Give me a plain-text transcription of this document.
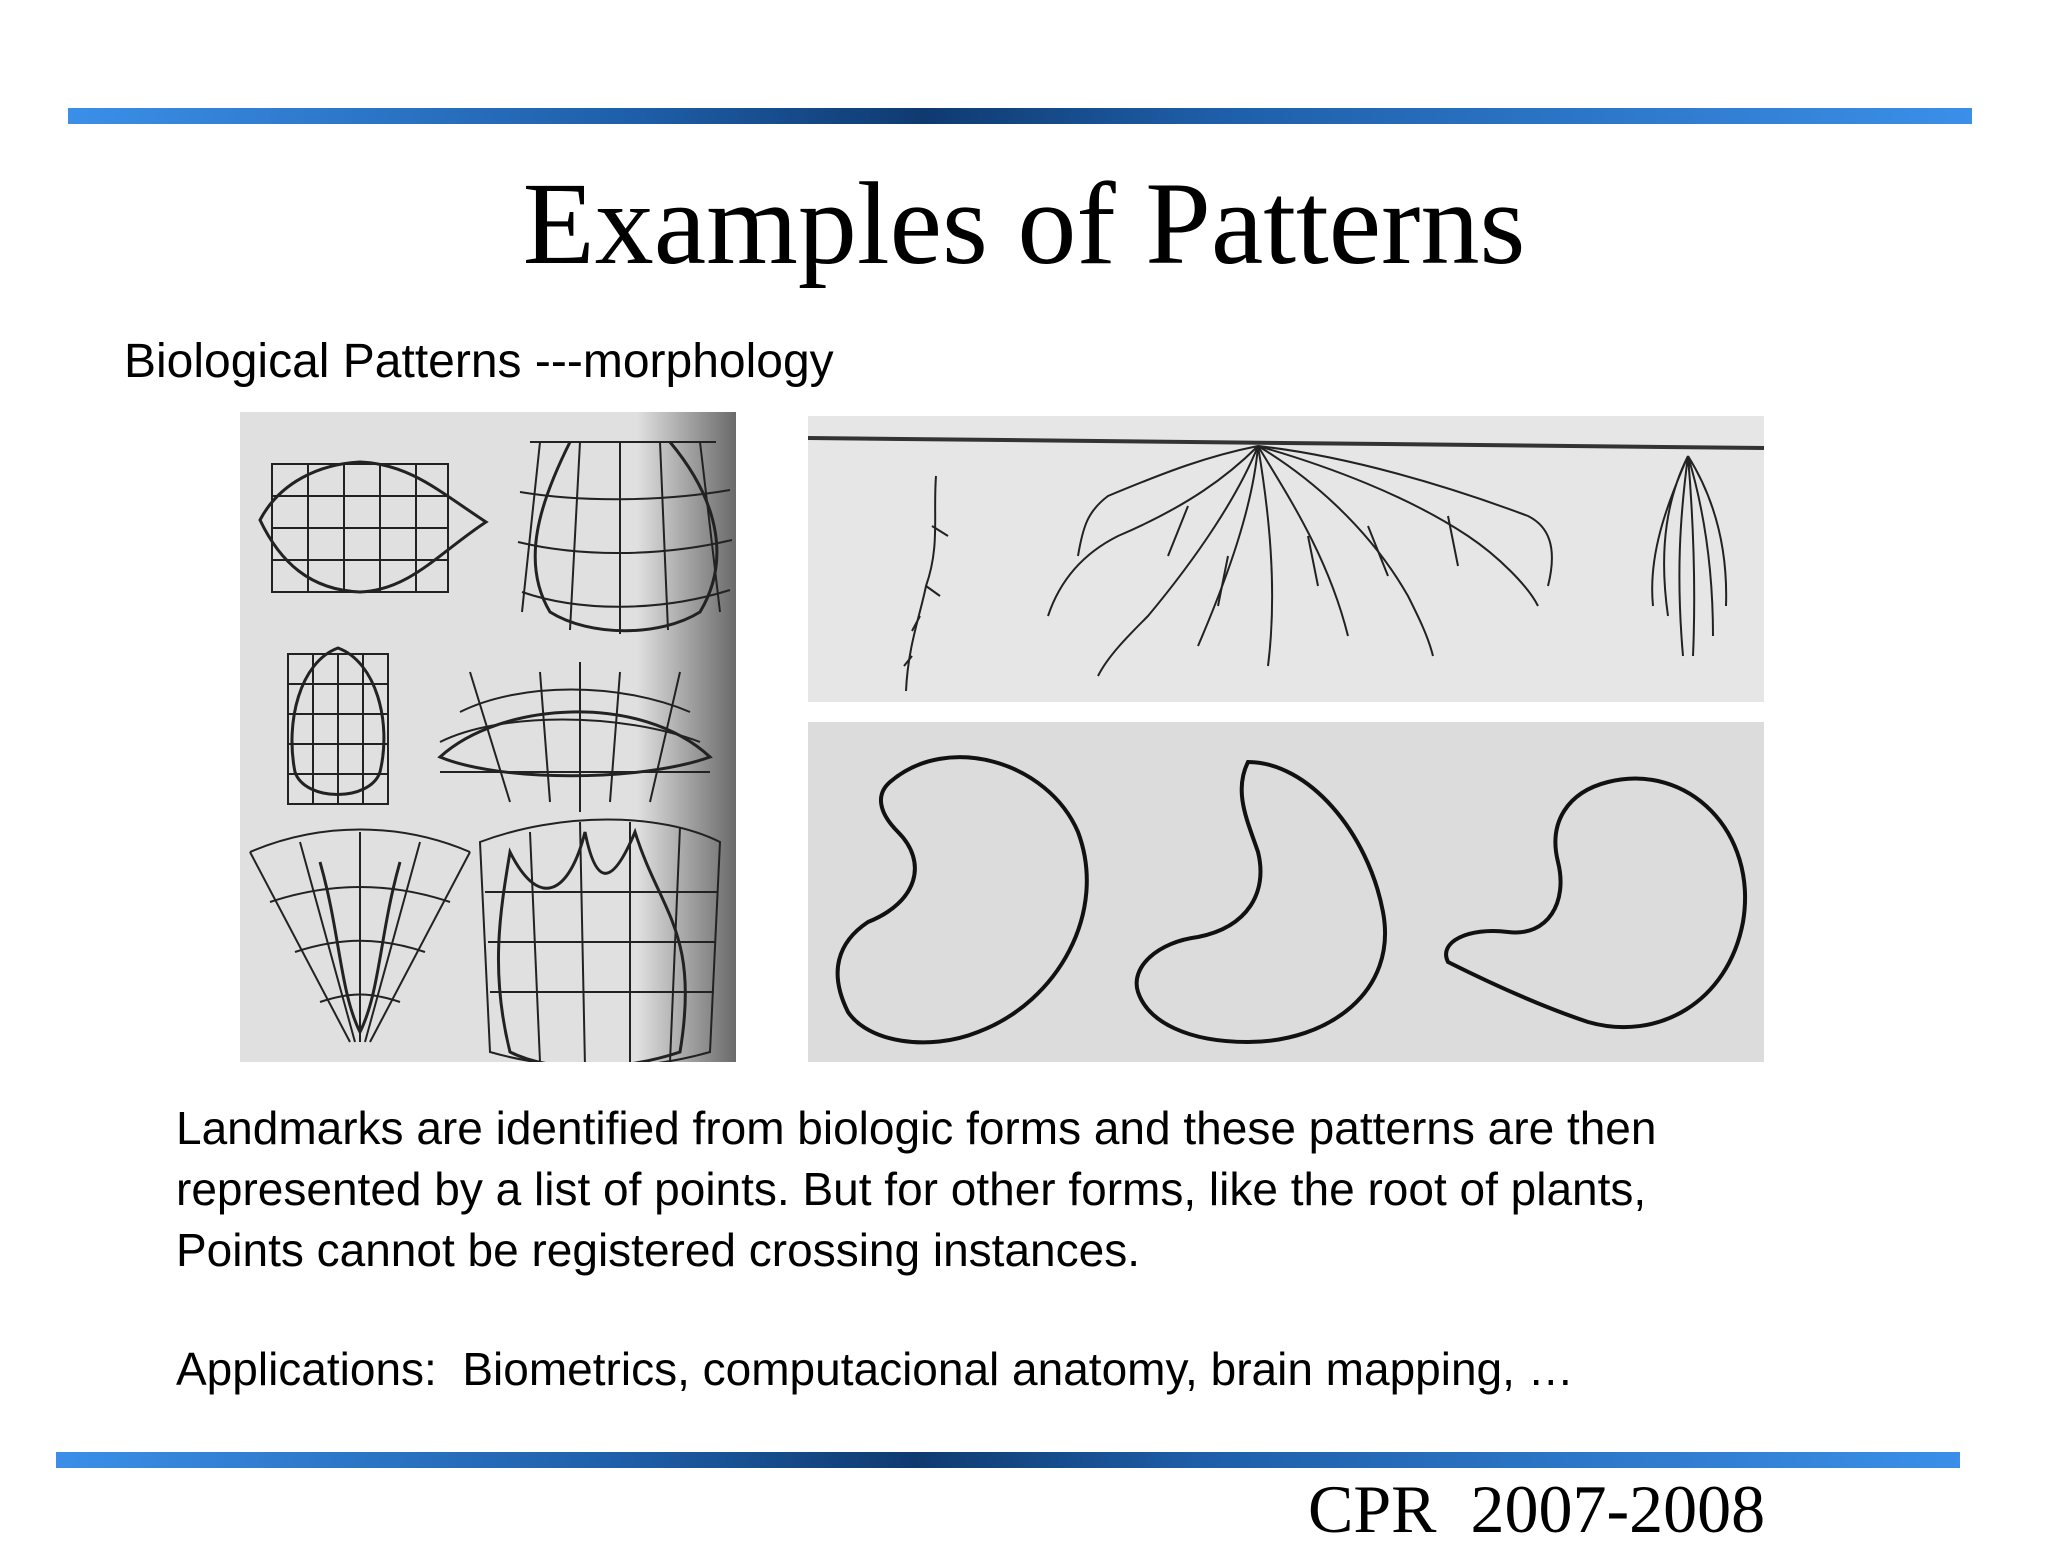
Examples of Patterns
Biological Patterns ---morphology
Landmarks are identified from biologic forms and these patterns are then
represented by a list of points. But for other forms, like the root of plants,
Points cannot be registered crossing instances.
Applications:  Biometrics, computacional anatomy, brain mapping, …
CPR  2007-2008
